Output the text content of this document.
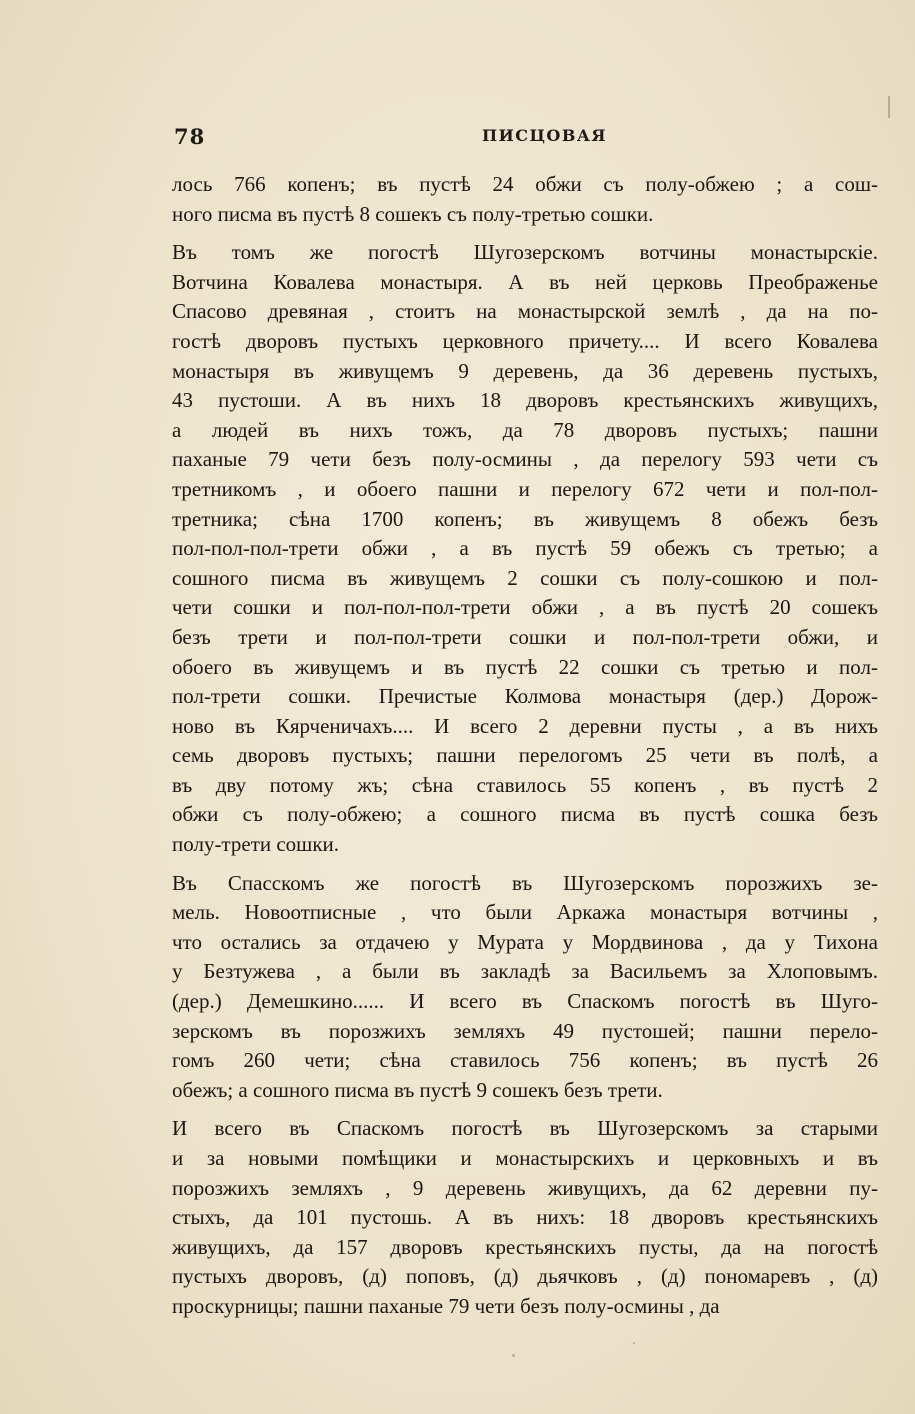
78	ПИСЦОВАЯ
лось 766 копенъ; въ пустѣ 24 обжи съ полу-обжею ; а сош-
ного писма въ пустѣ 8 сошекъ съ полу-третью сошки.
Въ томъ же погостѣ Шугозерскомъ вотчины монастырскіе.
Вотчина Ковалева монастыря. А въ ней церковь Преображенье
Спасово древяная , стоитъ на монастырской землѣ , да на по-
гостѣ дворовъ пустыхъ церковного причету.... И всего Ковалева
монастыря въ живущемъ 9 деревень, да 36 деревень пустыхъ,
43 пустоши. А въ нихъ 18 дворовъ крестьянскихъ живущихъ,
а людей въ нихъ тожъ, да 78 дворовъ пустыхъ; пашни
паханые 79 чети безъ полу-осмины , да перелогу 593 чети съ
третникомъ , и обоего пашни и перелогу 672 чети и пол-пол-
третника; сѣна 1700 копенъ; въ живущемъ 8 обежъ безъ
пол-пол-пол-трети обжи , а въ пустѣ 59 обежъ съ третью; а
сошного писма въ живущемъ 2 сошки съ полу-сошкою и пол-
чети сошки и пол-пол-пол-трети обжи , а въ пустѣ 20 сошекъ
безъ трети и пол-пол-трети сошки и пол-пол-трети обжи, и
обоего въ живущемъ и въ пустѣ 22 сошки съ третью и пол-
пол-трети сошки. Пречистые Колмова монастыря (дер.) Дорож-
ново въ Кярченичахъ.... И всего 2 деревни пусты , а въ нихъ
семь дворовъ пустыхъ; пашни перелогомъ 25 чети въ полѣ, а
въ дву потому жъ; сѣна ставилось 55 копенъ , въ пустѣ 2
обжи съ полу-обжею; а сошного писма въ пустѣ сошка безъ
полу-трети сошки.
Въ Спасскомъ же погостѣ въ Шугозерскомъ порозжихъ зе-
мель. Новоотписные , что были Аркажа монастыря вотчины ,
что остались за отдачею у Мурата у Мордвинова , да у Тихона
у Безтужева , а были въ закладѣ за Васильемъ за Хлоповымъ.
(дер.) Демешкино...... И всего въ Спаскомъ погостѣ въ Шуго-
зерскомъ въ порозжихъ земляхъ 49 пустошей; пашни перело-
гомъ 260 чети; сѣна ставилось 756 копенъ; въ пустѣ 26
обежъ; а сошного писма въ пустѣ 9 сошекъ безъ трети.
И всего въ Спаскомъ погостѣ въ Шугозерскомъ за старыми
и за новыми помѣщики и монастырскихъ и церковныхъ и въ
порозжихъ земляхъ , 9 деревень живущихъ, да 62 деревни пу-
стыхъ, да 101 пустошь. А въ нихъ: 18 дворовъ крестьянскихъ
живущихъ, да 157 дворовъ крестьянскихъ пусты, да на погостѣ
пустыхъ дворовъ, (д) поповъ, (д) дьячковъ , (д) пономаревъ , (д)
проскурницы; пашни паханые 79 чети безъ полу-осмины , да
